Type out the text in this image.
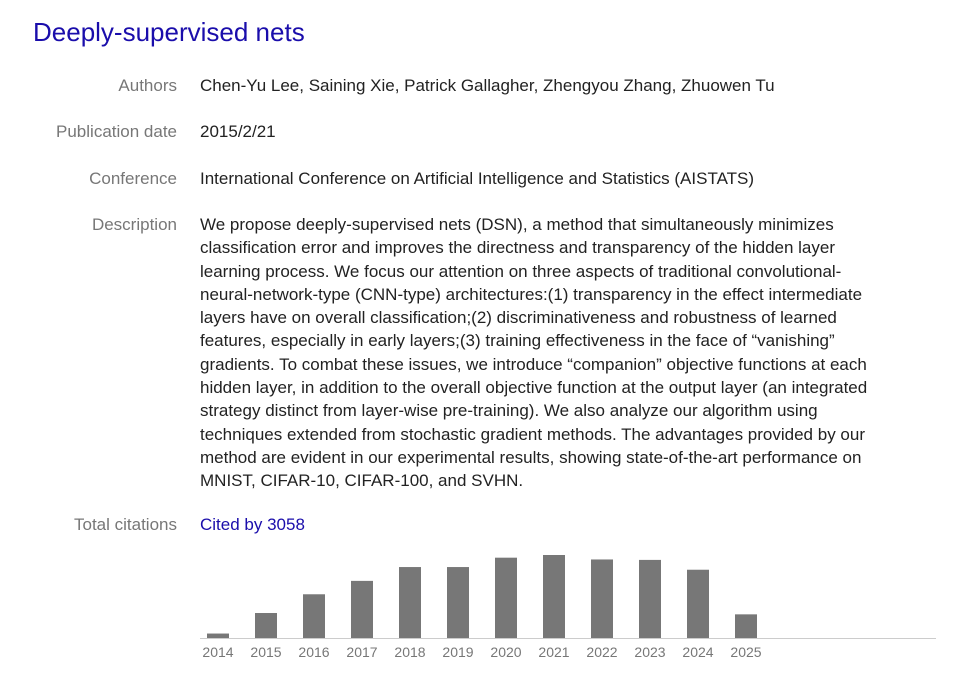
Deeply-supervised nets
Authors Chen-Yu Lee, Saining Xie, Patrick Gallagher, Zhengyou Zhang, Zhuowen Tu
Publication date 2015/2/21
Conference International Conference on Artificial Intelligence and Statistics (AISTATS)
Description We propose deeply-supervised nets (DSN), a method that simultaneously minimizes
classification error and improves the directness and transparency of the hidden layer
learning process. We focus our attention on three aspects of traditional convolutional-
neural-network-type (CNN-type) architectures:(1) transparency in the effect intermediate
layers have on overall classification;(2) discriminativeness and robustness of learned
features, especially in early layers;(3) training effectiveness in the face of “vanishing”
gradients. To combat these issues, we introduce “companion” objective functions at each
hidden layer, in addition to the overall objective function at the output layer (an integrated
strategy distinct from layer-wise pre-training). We also analyze our algorithm using
techniques extended from stochastic gradient methods. The advantages provided by our
method are evident in our experimental results, showing state-of-the-art performance on
MNIST, CIFAR-10, CIFAR-100, and SVHN.
Total citations Cited by 3058
2014 2015 2016 2017 2018 2019 2020 2021 2022 2023 2024 2025
